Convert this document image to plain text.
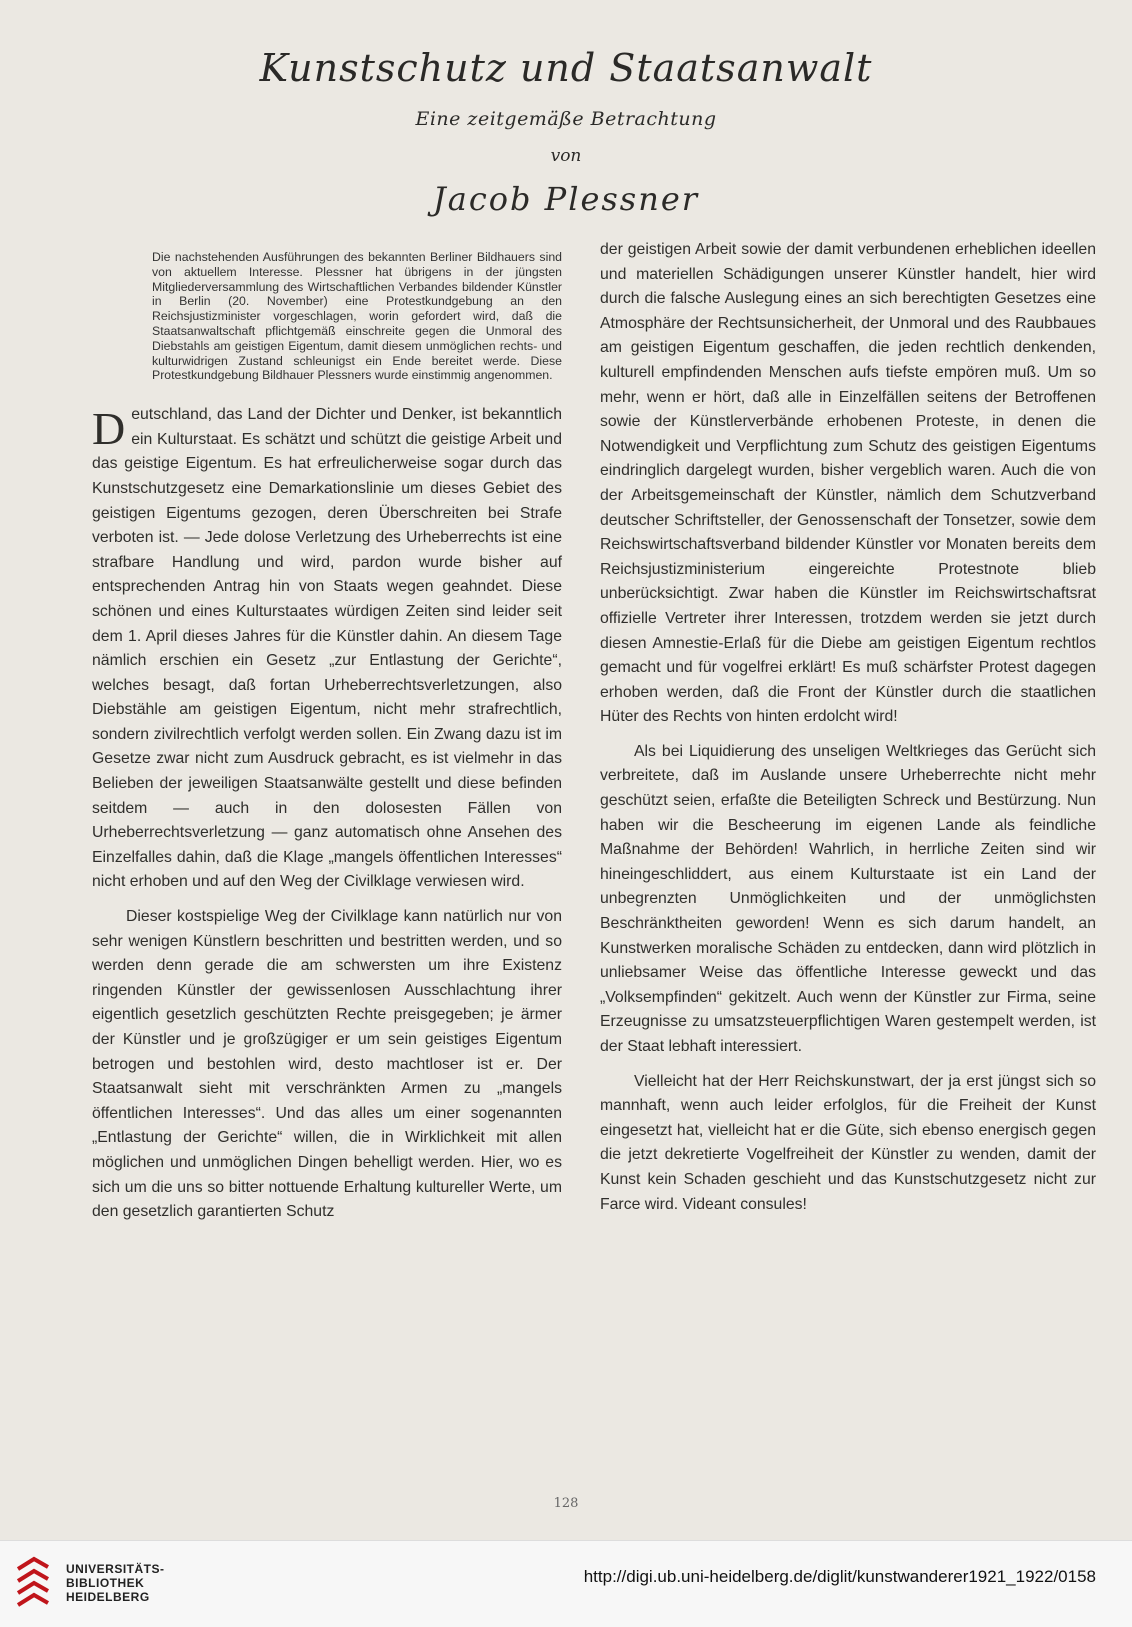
Kunstschutz und Staatsanwalt
Eine zeitgemäße Betrachtung
von
Jacob Plessner
Die nachstehenden Ausführungen des bekannten Berliner Bildhauers sind von aktuellem Interesse. Plessner hat übrigens in der jüngsten Mitgliederversammlung des Wirtschaftlichen Verbandes bildender Künstler in Berlin (20. November) eine Protestkundgebung an den Reichsjustizminister vorgeschlagen, worin gefordert wird, daß die Staatsanwaltschaft pflichtgemäß einschreite gegen die Unmoral des Diebstahls am geistigen Eigentum, damit diesem unmöglichen rechts- und kulturwidrigen Zustand schleunigst ein Ende bereitet werde. Diese Protestkundgebung Bildhauer Plessners wurde einstimmig angenommen.

Deutschland, das Land der Dichter und Denker, ist bekanntlich ein Kulturstaat. Es schätzt und schützt die geistige Arbeit und das geistige Eigentum. Es hat erfreulicherweise sogar durch das Kunstschutzgesetz eine Demarkationslinie um dieses Gebiet des geistigen Eigentums gezogen, deren Überschreiten bei Strafe verboten ist. — Jede dolose Verletzung des Urheberrechts ist eine strafbare Handlung und wird, pardon wurde bisher auf entsprechenden Antrag hin von Staats wegen geahndet. Diese schönen und eines Kulturstaates würdigen Zeiten sind leider seit dem 1. April dieses Jahres für die Künstler dahin. An diesem Tage nämlich erschien ein Gesetz „zur Entlastung der Gerichte“, welches besagt, daß fortan Urheberrechtsverletzungen, also Diebstähle am geistigen Eigentum, nicht mehr strafrechtlich, sondern zivilrechtlich verfolgt werden sollen. Ein Zwang dazu ist im Gesetze zwar nicht zum Ausdruck gebracht, es ist vielmehr in das Belieben der jeweiligen Staatsanwälte gestellt und diese befinden seitdem — auch in den dolosesten Fällen von Urheberrechtsverletzung — ganz automatisch ohne Ansehen des Einzelfalles dahin, daß die Klage „mangels öffentlichen Interesses“ nicht erhoben und auf den Weg der Civilklage verwiesen wird.

Dieser kostspielige Weg der Civilklage kann natürlich nur von sehr wenigen Künstlern beschritten und bestritten werden, und so werden denn gerade die am schwersten um ihre Existenz ringenden Künstler der gewissenlosen Ausschlachtung ihrer eigentlich gesetzlich geschützten Rechte preisgegeben; je ärmer der Künstler und je großzügiger er um sein geistiges Eigentum betrogen und bestohlen wird, desto machtloser ist er. Der Staatsanwalt sieht mit verschränkten Armen zu „mangels öffentlichen Interesses“. Und das alles um einer sogenannten „Entlastung der Gerichte“ willen, die in Wirklichkeit mit allen möglichen und unmöglichen Dingen behelligt werden. Hier, wo es sich um die uns so bitter nottuende Erhaltung kultureller Werte, um den gesetzlich garantierten Schutz

der geistigen Arbeit sowie der damit verbundenen erheblichen ideellen und materiellen Schädigungen unserer Künstler handelt, hier wird durch die falsche Auslegung eines an sich berechtigten Gesetzes eine Atmosphäre der Rechtsunsicherheit, der Unmoral und des Raubbaues am geistigen Eigentum geschaffen, die jeden rechtlich denkenden, kulturell empfindenden Menschen aufs tiefste empören muß. Um so mehr, wenn er hört, daß alle in Einzelfällen seitens der Betroffenen sowie der Künstlerverbände erhobenen Proteste, in denen die Notwendigkeit und Verpflichtung zum Schutz des geistigen Eigentums eindringlich dargelegt wurden, bisher vergeblich waren. Auch die von der Arbeitsgemeinschaft der Künstler, nämlich dem Schutzverband deutscher Schriftsteller, der Genossenschaft der Tonsetzer, sowie dem Reichswirtschaftsverband bildender Künstler vor Monaten bereits dem Reichsjustizministerium eingereichte Protestnote blieb unberücksichtigt. Zwar haben die Künstler im Reichswirtschaftsrat offizielle Vertreter ihrer Interessen, trotzdem werden sie jetzt durch diesen Amnestie-Erlaß für die Diebe am geistigen Eigentum rechtlos gemacht und für vogelfrei erklärt! Es muß schärfster Protest dagegen erhoben werden, daß die Front der Künstler durch die staatlichen Hüter des Rechts von hinten erdolcht wird!

Als bei Liquidierung des unseligen Weltkrieges das Gerücht sich verbreitete, daß im Auslande unsere Urheberrechte nicht mehr geschützt seien, erfaßte die Beteiligten Schreck und Bestürzung. Nun haben wir die Bescheerung im eigenen Lande als feindliche Maßnahme der Behörden! Wahrlich, in herrliche Zeiten sind wir hineingeschliddert, aus einem Kulturstaate ist ein Land der unbegrenzten Unmöglichkeiten und der unmöglichsten Beschränktheiten geworden! Wenn es sich darum handelt, an Kunstwerken moralische Schäden zu entdecken, dann wird plötzlich in unliebsamer Weise das öffentliche Interesse geweckt und das „Volksempfinden“ gekitzelt. Auch wenn der Künstler zur Firma, seine Erzeugnisse zu umsatzsteuerpflichtigen Waren gestempelt werden, ist der Staat lebhaft interessiert.

Vielleicht hat der Herr Reichskunstwart, der ja erst jüngst sich so mannhaft, wenn auch leider erfolglos, für die Freiheit der Kunst eingesetzt hat, vielleicht hat er die Güte, sich ebenso energisch gegen die jetzt dekretierte Vogelfreiheit der Künstler zu wenden, damit der Kunst kein Schaden geschieht und das Kunstschutzgesetz nicht zur Farce wird. Videant consules!

128
UNIVERSITÄTS-
BIBLIOTHEK
HEIDELBERG
http://digi.ub.uni-heidelberg.de/diglit/kunstwanderer1921_1922/0158
